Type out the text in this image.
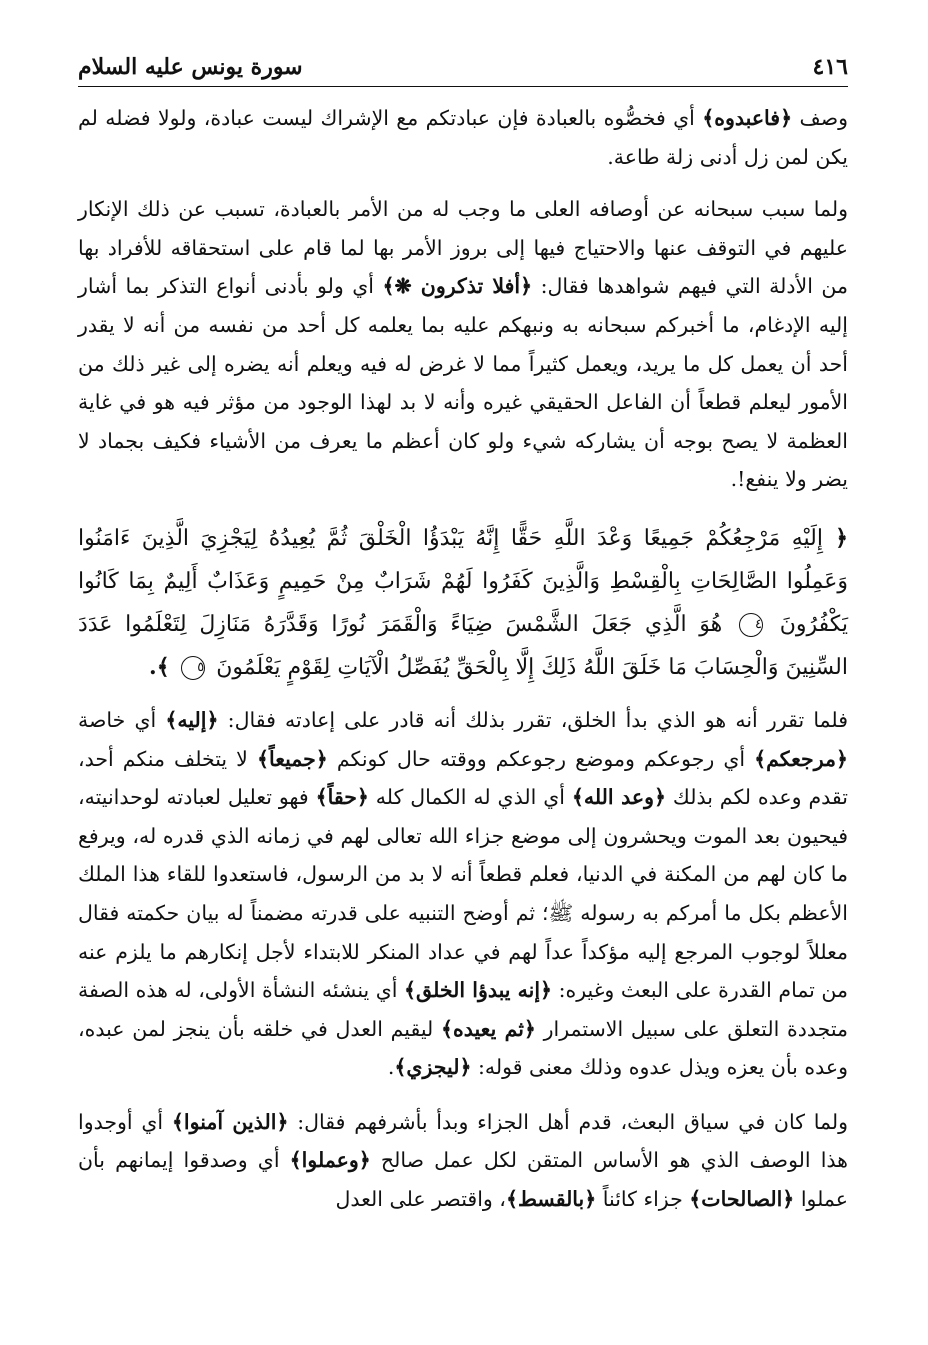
٤١٦
سورة يونس عليه السلام

وصف ﴿فاعبدوه﴾ أي فخصُّوه بالعبادة فإن عبادتكم مع الإشراك ليست عبادة، ولولا فضله لم يكن لمن زل أدنى زلة طاعة.

ولما سبب سبحانه عن أوصافه العلى ما وجب له من الأمر بالعبادة، تسبب عن ذلك الإنكار عليهم في التوقف عنها والاحتياج فيها إلى بروز الأمر بها لما قام على استحقاقه للأفراد بها من الأدلة التي فيهم شواهدها فقال: ﴿أفلا تذكرون ❋﴾ أي ولو بأدنى أنواع التذكر بما أشار إليه الإدغام، ما أخبركم سبحانه به ونبهكم عليه بما يعلمه كل أحد من نفسه من أنه لا يقدر أحد أن يعمل كل ما يريد، ويعمل كثيراً مما لا غرض له فيه ويعلم أنه يضره إلى غير ذلك من الأمور ليعلم قطعاً أن الفاعل الحقيقي غيره وأنه لا بد لهذا الوجود من مؤثر فيه هو في غاية العظمة لا يصح بوجه أن يشاركه شيء ولو كان أعظم ما يعرف من الأشياء فكيف بجماد لا يضر ولا ينفع!.

﴿ إِلَيْهِ مَرْجِعُكُمْ جَمِيعًا وَعْدَ اللَّهِ حَقًّا إِنَّهُ يَبْدَؤُا الْخَلْقَ ثُمَّ يُعِيدُهُ لِيَجْزِيَ الَّذِينَ ءَامَنُوا وَعَمِلُوا الصَّالِحَاتِ بِالْقِسْطِ وَالَّذِينَ كَفَرُوا لَهُمْ شَرَابٌ مِنْ حَمِيمٍ وَعَذَابٌ أَلِيمٌ بِمَا كَانُوا يَكْفُرُونَ ٤ هُوَ الَّذِي جَعَلَ الشَّمْسَ ضِيَاءً وَالْقَمَرَ نُورًا وَقَدَّرَهُ مَنَازِلَ لِتَعْلَمُوا عَدَدَ السِّنِينَ وَالْحِسَابَ مَا خَلَقَ اللَّهُ ذَلِكَ إِلَّا بِالْحَقِّ يُفَصِّلُ الْآيَاتِ لِقَوْمٍ يَعْلَمُونَ ٥ ﴾.

فلما تقرر أنه هو الذي بدأ الخلق، تقرر بذلك أنه قادر على إعادته فقال: ﴿إليه﴾ أي خاصة ﴿مرجعكم﴾ أي رجوعكم وموضع رجوعكم ووقته حال كونكم ﴿جميعاً﴾ لا يتخلف منكم أحد، تقدم وعده لكم بذلك ﴿وعد الله﴾ أي الذي له الكمال كله ﴿حقاً﴾ فهو تعليل لعبادته لوحدانيته، فيحيون بعد الموت ويحشرون إلى موضع جزاء الله تعالى لهم في زمانه الذي قدره له، ويرفع ما كان لهم من المكنة في الدنيا، فعلم قطعاً أنه لا بد من الرسول، فاستعدوا للقاء هذا الملك الأعظم بكل ما أمركم به رسوله ﷺ؛ ثم أوضح التنبيه على قدرته مضمناً له بيان حكمته فقال معللاً لوجوب المرجع إليه مؤكداً عداً لهم في عداد المنكر للابتداء لأجل إنكارهم ما يلزم عنه من تمام القدرة على البعث وغيره: ﴿إنه يبدؤا الخلق﴾ أي ينشئه النشأة الأولى، له هذه الصفة متجددة التعلق على سبيل الاستمرار ﴿ثم يعيده﴾ ليقيم العدل في خلقه بأن ينجز لمن عبده، وعده بأن يعزه ويذل عدوه وذلك معنى قوله: ﴿ليجزي﴾.

ولما كان في سياق البعث، قدم أهل الجزاء وبدأ بأشرفهم فقال: ﴿الذين آمنوا﴾ أي أوجدوا هذا الوصف الذي هو الأساس المتقن لكل عمل صالح ﴿وعملوا﴾ أي وصدقوا إيمانهم بأن عملوا ﴿الصالحات﴾ جزاء كائناً ﴿بالقسط﴾، واقتصر على العدل
